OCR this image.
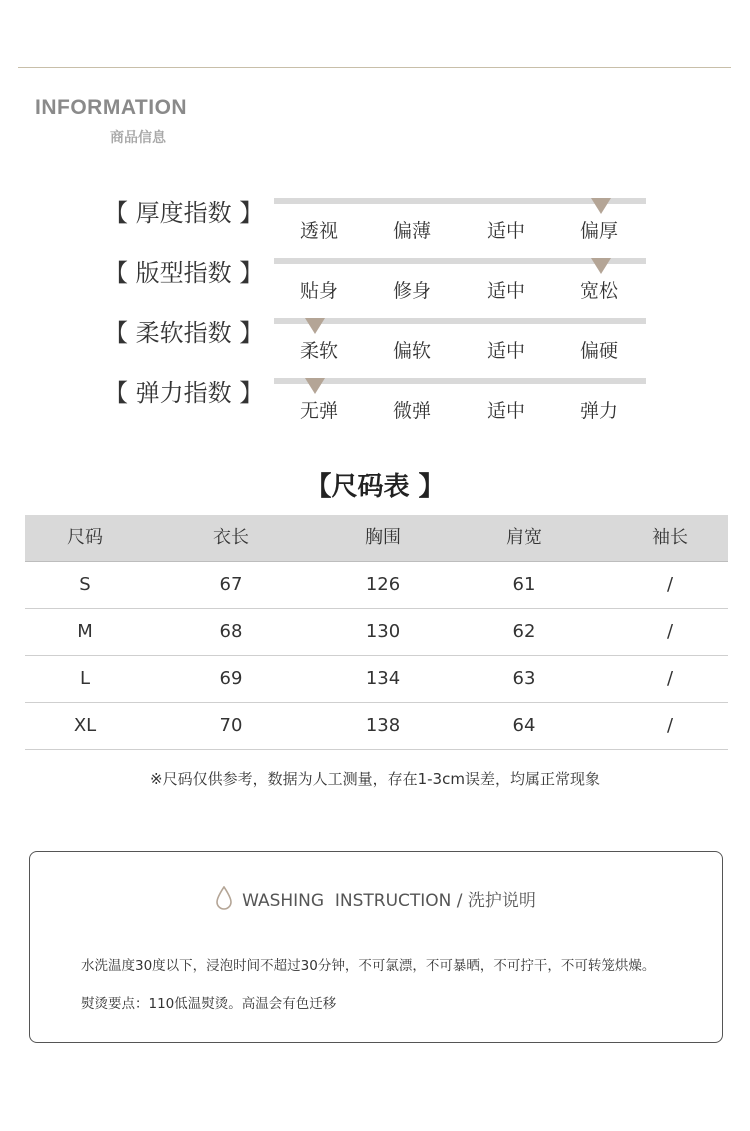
INFORMATION
商品信息
【 厚度指数 】
透视	偏薄	适中	偏厚
【 版型指数 】
贴身	修身	适中	宽松
【 柔软指数 】
柔软	偏软	适中	偏硬
【 弹力指数 】
无弹	微弹	适中	弹力
【尺码表 】
尺码	衣长	胸围	肩宽	袖长
S	67	126	61	/
M	68	130	62	/
L	69	134	63	/
XL	70	138	64	/
※尺码仅供参考，数据为人工测量，存在1-3cm误差，均属正常现象
WASHING  INSTRUCTION / 洗护说明
水洗温度30度以下，浸泡时间不超过30分钟，不可氯漂，不可暴晒，不可拧干，不可转笼烘燥。
熨烫要点：110低温熨烫。高温会有色迁移
